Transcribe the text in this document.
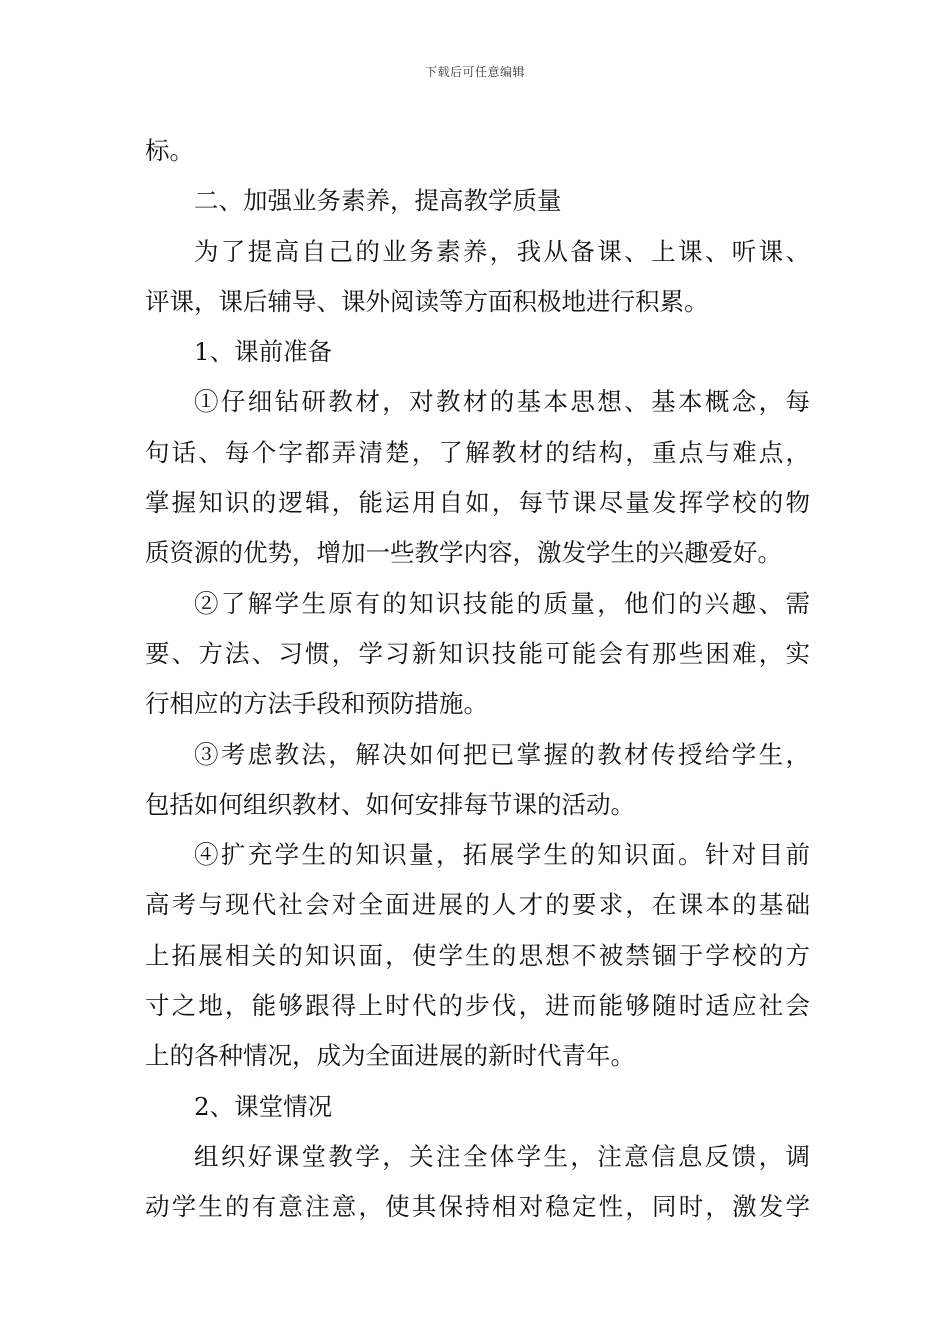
下载后可任意编辑
标。
二、加强业务素养，提高教学质量
为了提高自己的业务素养，我从备课、上课、听课、
评课，课后辅导、课外阅读等方面积极地进行积累。
1、课前准备
①仔细钻研教材，对教材的基本思想、基本概念，每
句话、每个字都弄清楚，了解教材的结构，重点与难点，
掌握知识的逻辑，能运用自如，每节课尽量发挥学校的物
质资源的优势，增加一些教学内容，激发学生的兴趣爱好。
②了解学生原有的知识技能的质量，他们的兴趣、需
要、方法、习惯，学习新知识技能可能会有那些困难，实
行相应的方法手段和预防措施。
③考虑教法，解决如何把已掌握的教材传授给学生，
包括如何组织教材、如何安排每节课的活动。
④扩充学生的知识量，拓展学生的知识面。针对目前
高考与现代社会对全面进展的人才的要求，在课本的基础
上拓展相关的知识面，使学生的思想不被禁锢于学校的方
寸之地，能够跟得上时代的步伐，进而能够随时适应社会
上的各种情况，成为全面进展的新时代青年。
2、课堂情况
组织好课堂教学，关注全体学生，注意信息反馈，调
动学生的有意注意，使其保持相对稳定性，同时，激发学
